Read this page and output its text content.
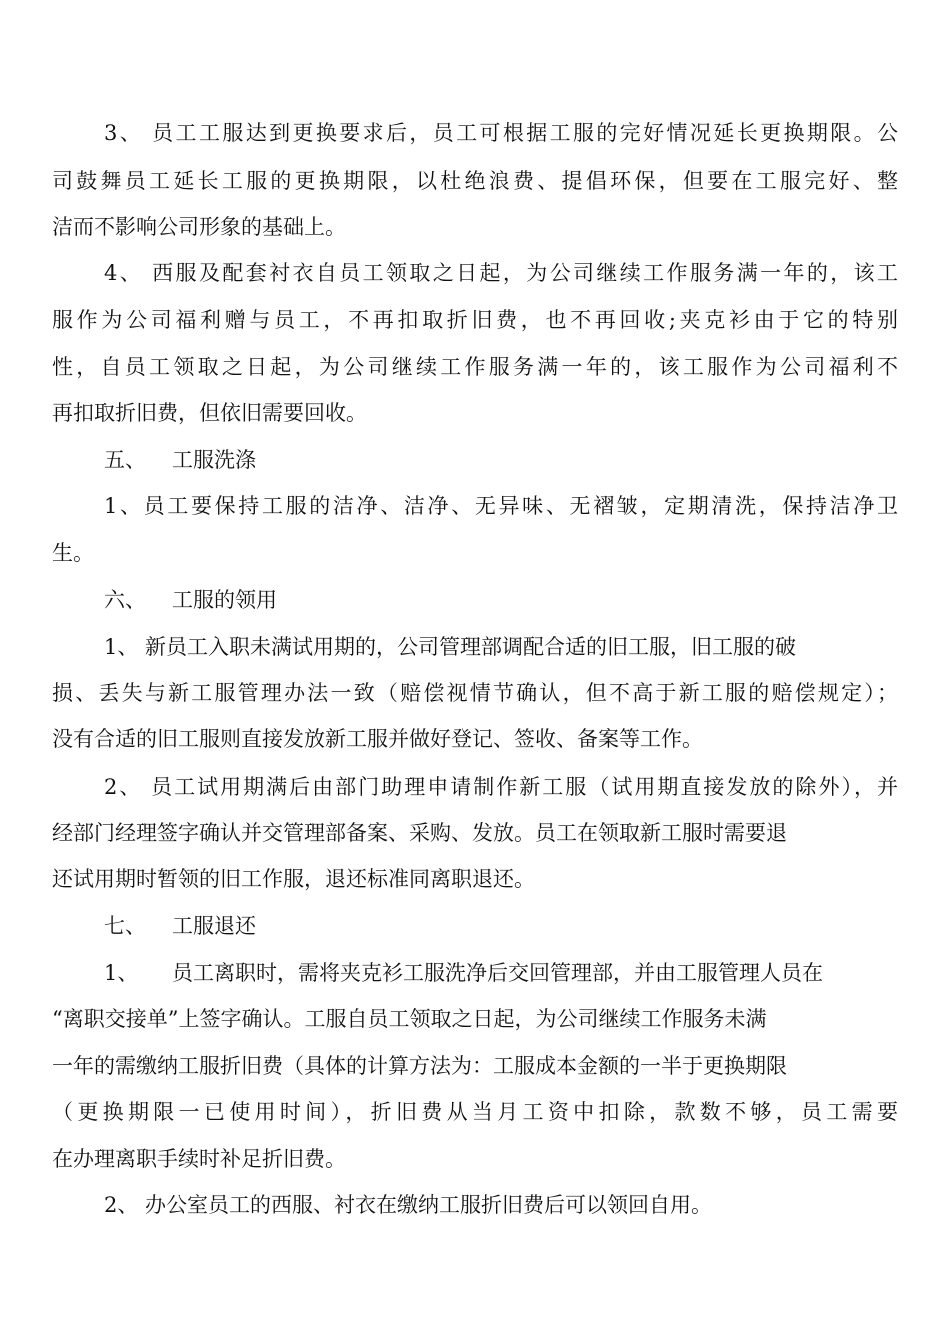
3、 员工工服达到更换要求后，员工可根据工服的完好情况延长更换期限。公
司鼓舞员工延长工服的更换期限，以杜绝浪费、提倡环保，但要在工服完好、整
洁而不影响公司形象的基础上。
4、 西服及配套衬衣自员工领取之日起，为公司继续工作服务满一年的，该工
服作为公司福利赠与员工，不再扣取折旧费，也不再回收;夹克衫由于它的特别
性，自员工领取之日起，为公司继续工作服务满一年的，该工服作为公司福利不
再扣取折旧费，但依旧需要回收。
五、 工服洗涤
1、员工要保持工服的洁净、洁净、无异味、无褶皱，定期清洗，保持洁净卫
生。
六、 工服的领用
1、 新员工入职未满试用期的，公司管理部调配合适的旧工服，旧工服的破
损、丢失与新工服管理办法一致（赔偿视情节确认，但不高于新工服的赔偿规定）；
没有合适的旧工服则直接发放新工服并做好登记、签收、备案等工作。
2、 员工试用期满后由部门助理申请制作新工服（试用期直接发放的除外），并
经部门经理签字确认并交管理部备案、采购、发放。员工在领取新工服时需要退
还试用期时暂领的旧工作服，退还标准同离职退还。
七、 工服退还
1、 员工离职时，需将夹克衫工服洗净后交回管理部，并由工服管理人员在
“离职交接单”上签字确认。工服自员工领取之日起，为公司继续工作服务未满
一年的需缴纳工服折旧费（具体的计算方法为：工服成本金额的一半于更换期限
（更换期限一已使用时间），折旧费从当月工资中扣除，款数不够，员工需要
在办理离职手续时补足折旧费。
2、 办公室员工的西服、衬衣在缴纳工服折旧费后可以领回自用。
